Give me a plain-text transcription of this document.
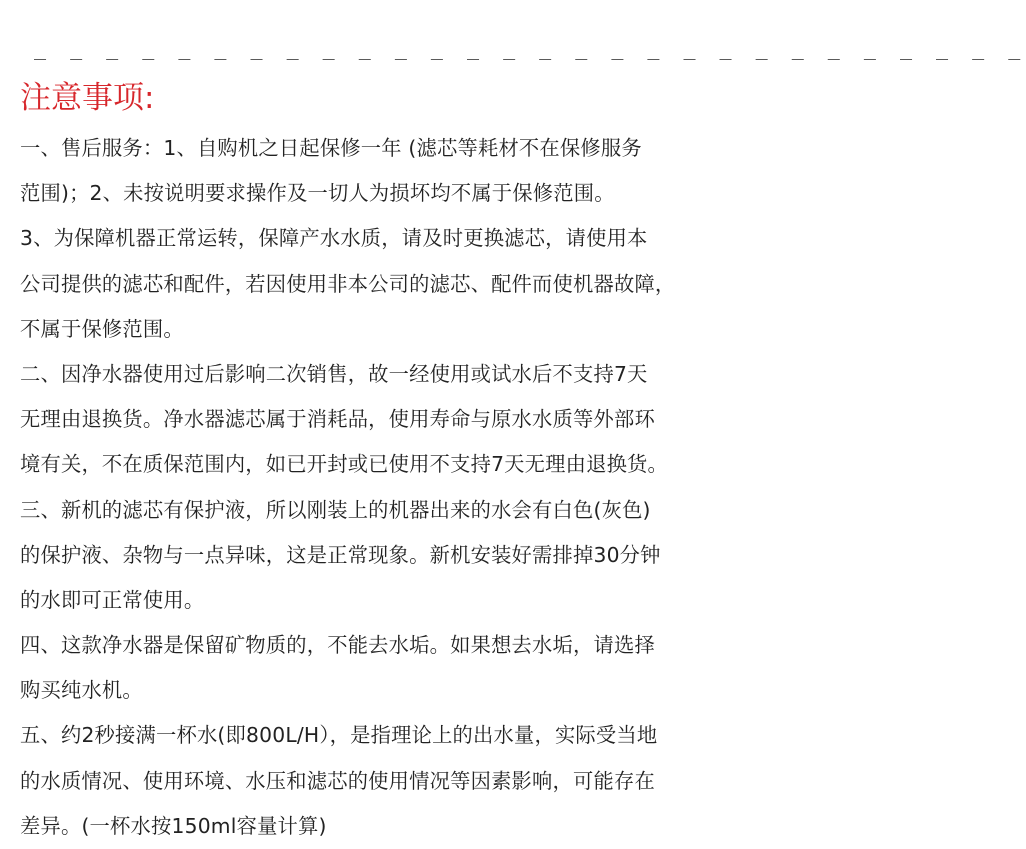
_ _ _ _ _ _ _ _ _ _ _ _ _ _ _ _ _ _ _ _ _ _ _ _ _ _ _ _
注意事项:
一、售后服务：1、自购机之日起保修一年 (滤芯等耗材不在保修服务
范围)；2、未按说明要求操作及一切人为损坏均不属于保修范围。
3、为保障机器正常运转，保障产水水质，请及时更换滤芯，请使用本
公司提供的滤芯和配件，若因使用非本公司的滤芯、配件而使机器故障，
不属于保修范围。
二、因净水器使用过后影响二次销售，故一经使用或试水后不支持7天
无理由退换货。净水器滤芯属于消耗品，使用寿命与原水水质等外部环
境有关，不在质保范围内，如已开封或已使用不支持7天无理由退换货。
三、新机的滤芯有保护液，所以刚装上的机器出来的水会有白色(灰色)
的保护液、杂物与一点异味，这是正常现象。新机安装好需排掉30分钟
的水即可正常使用。
四、这款净水器是保留矿物质的，不能去水垢。如果想去水垢，请选择
购买纯水机。
五、约2秒接满一杯水(即800L/H），是指理论上的出水量，实际受当地
的水质情况、使用环境、水压和滤芯的使用情况等因素影响，可能存在
差异。(一杯水按150ml容量计算)
